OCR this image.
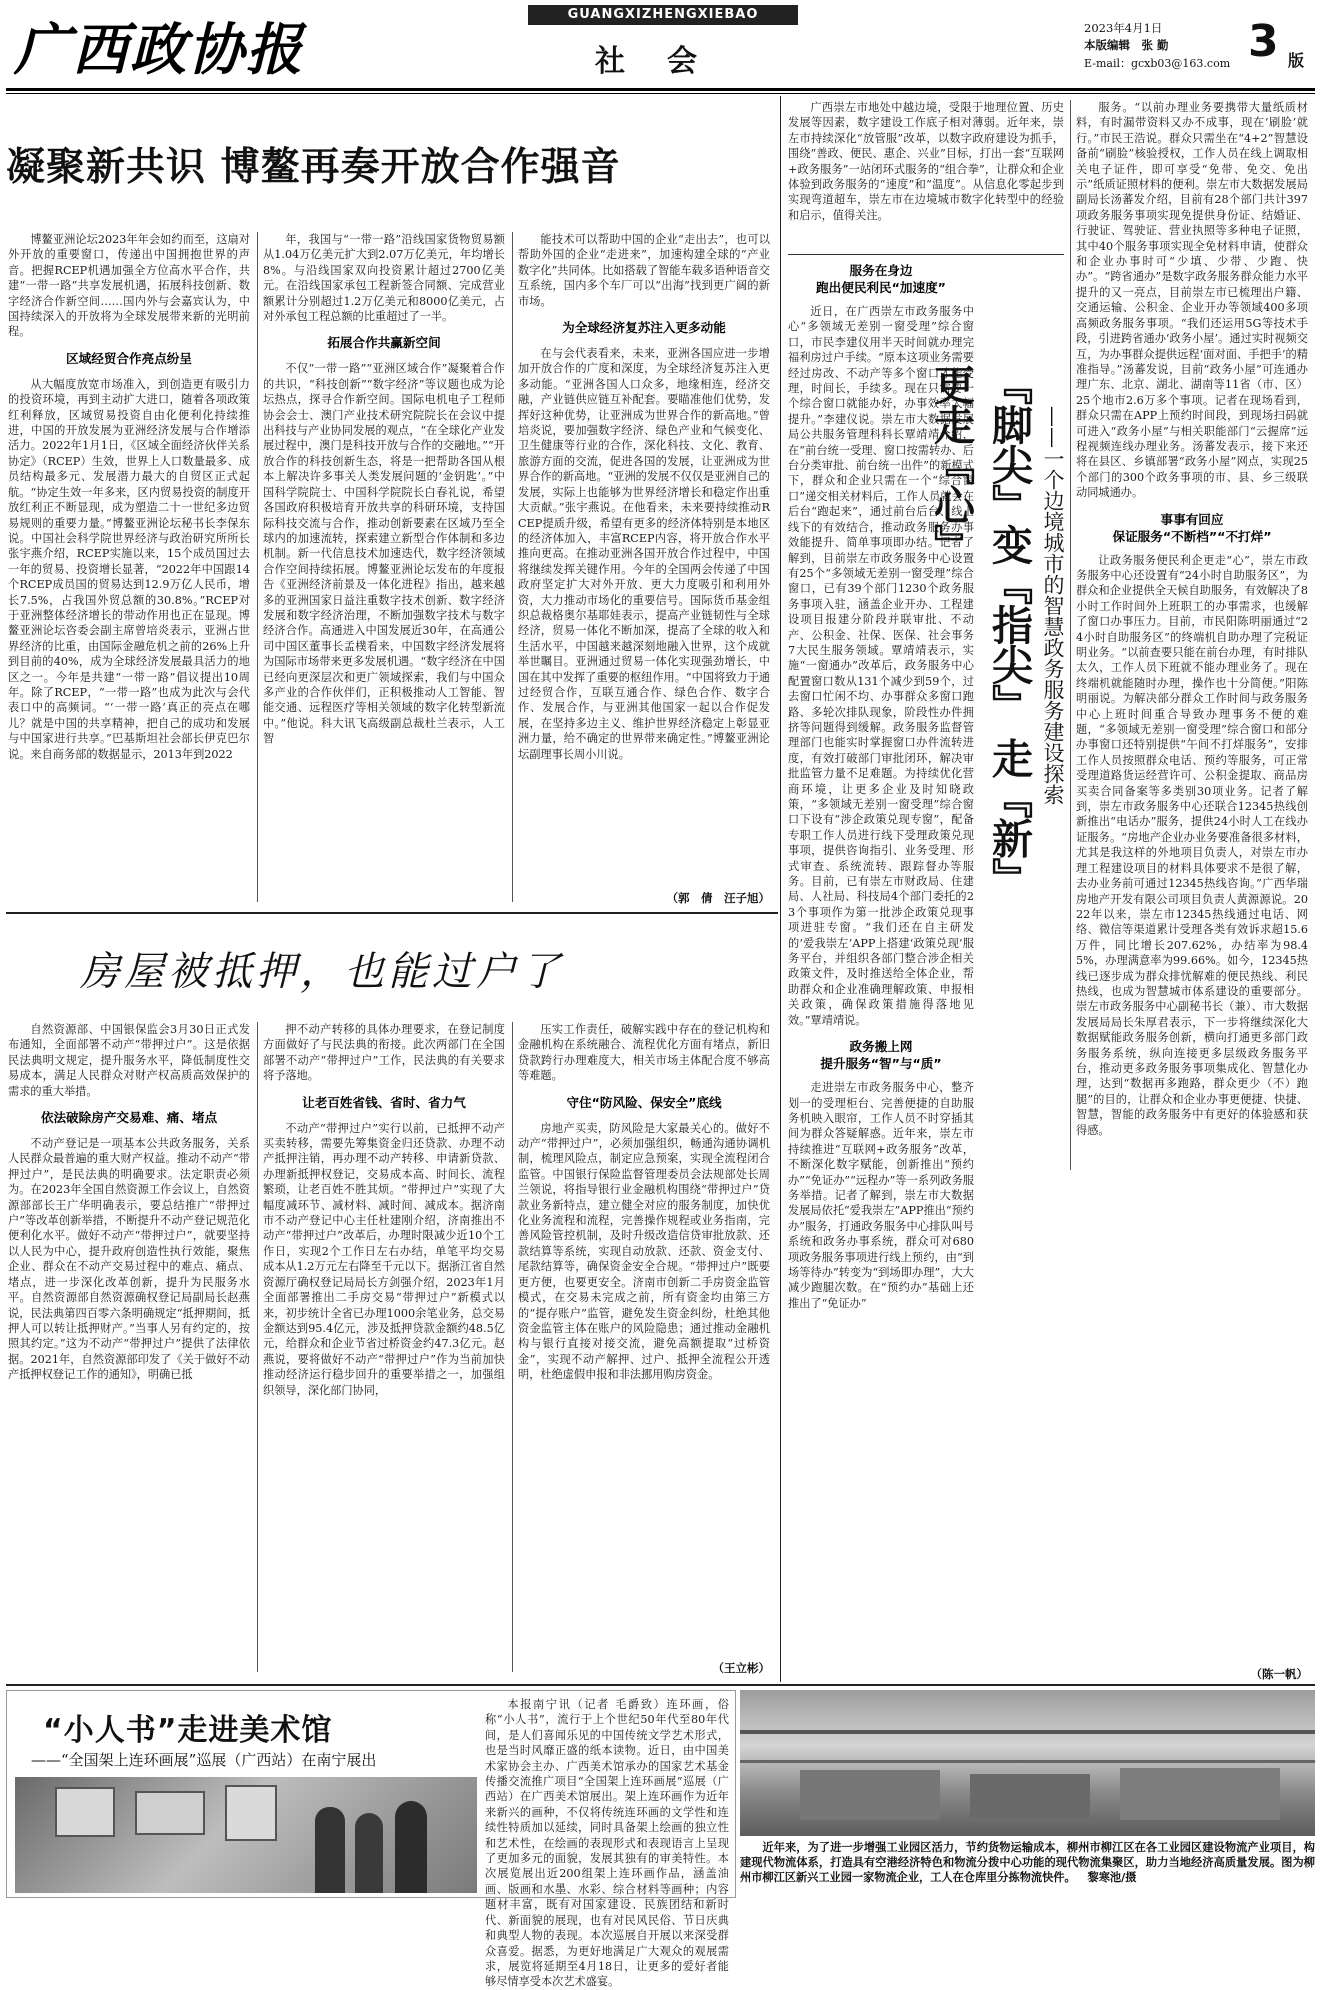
广西政协报
GUANGXIZHENGXIEBAO
社　会
2023年4月1日
本版编辑　张 勤
E-mail：gcxb03@163.com 3 版
凝聚新共识 博鳌再奏开放合作强音

博鳌亚洲论坛2023年年会如约而至，这扇对外开放的重要窗口，传递出中国拥抱世界的声音。把握RCEP机遇加强全方位高水平合作，共建“一带一路”共享发展机遇，拓展科技创新、数字经济合作新空间……国内外与会嘉宾认为，中国持续深入的开放将为全球发展带来新的光明前程。

区域经贸合作亮点纷呈

从大幅度放宽市场准入，到创造更有吸引力的投资环境，再到主动扩大进口，随着各项政策红利释放，区域贸易投资自由化便利化持续推进，中国的开放发展为亚洲经济发展与合作增添活力。2022年1月1日，《区域全面经济伙伴关系协定》（RCEP）生效，世界上人口数量最多、成员结构最多元、发展潜力最大的自贸区正式起航。“协定生效一年多来，区内贸易投资的制度开放红利正不断显现，成为塑造二十一世纪多边贸易规则的重要力量。”博鳌亚洲论坛秘书长李保东说。中国社会科学院世界经济与政治研究所所长张宇燕介绍，RCEP实施以来，15个成员国过去一年的贸易、投资增长显著，“2022年中国跟14个RCEP成员国的贸易达到12.9万亿人民币，增长7.5%，占我国外贸总额的30.8%。”RCEP对于亚洲整体经济增长的带动作用也正在显现。博鳌亚洲论坛咨委会副主席曾培炎表示，亚洲占世界经济的比重，由国际金融危机之前的26%上升到目前的40%，成为全球经济发展最具活力的地区之一。今年是共建“一带一路”倡议提出10周年。除了RCEP，“一带一路”也成为此次与会代表口中的高频词。“‘一带一路’真正的亮点在哪儿？就是中国的共享精神，把自己的成功和发展与中国家进行共享。”巴基斯坦社会部长伊克巴尔说。来自商务部的数据显示，2013年到2022

年，我国与“一带一路”沿线国家货物贸易额从1.04万亿美元扩大到2.07万亿美元，年均增长8%。与沿线国家双向投资累计超过2700亿美元。在沿线国家承包工程新签合同额、完成营业额累计分别超过1.2万亿美元和8000亿美元，占对外承包工程总额的比重超过了一半。

拓展合作共赢新空间

不仅“一带一路”“亚洲区域合作”凝聚着合作的共识，“科技创新”“数字经济”等议题也成为论坛热点，探寻合作新空间。国际电机电子工程师协会会士、澳门产业技术研究院院长在会议中提出科技与产业协同发展的观点，“在全球化产业发展过程中，澳门是科技开放与合作的交融地。”“开放合作的科技创新生态，将是一把帮助各国从根本上解决许多事关人类发展问题的‘金钥匙’。”中国科学院院士、中国科学院院长白春礼说，希望各国政府积极培育开放共享的科研环境，支持国际科技交流与合作，推动创新要素在区域乃至全球内的加速流转，探索建立新型合作体制和多边机制。新一代信息技术加速迭代，数字经济领域合作空间持续拓展。博鳌亚洲论坛发布的年度报告《亚洲经济前景及一体化进程》指出，越来越多的亚洲国家日益注重数字技术创新、数字经济发展和数字经济治理，不断加强数字技术与数字经济合作。高通进入中国发展近30年，在高通公司中国区董事长孟樸看来，中国数字经济发展将为国际市场带来更多发展机遇。“数字经济在中国已经向更深层次和更广领域探索，我们与中国众多产业的合作伙伴们，正积极推动人工智能、智能交通、远程医疗等相关领域的数字化转型新流中。”他说。科大讯飞高级副总裁杜兰表示，人工智

能技术可以帮助中国的企业“走出去”，也可以帮助外国的企业“走进来”，加速构建全球的“产业数字化”共同体。比如搭载了智能车载多语种语音交互系统，国内多个车厂可以“出海”找到更广阔的新市场。

为全球经济复苏注入更多动能

在与会代表看来，未来，亚洲各国应进一步增加开放合作的广度和深度，为全球经济复苏注入更多动能。“亚洲各国人口众多，地缘相连，经济交融，产业链供应链互补配套。要瞄准他们优势，发挥好这种优势，让亚洲成为世界合作的新高地。”曾培炎说，要加强数字经济、绿色产业和气候变化、卫生健康等行业的合作，深化科技、文化、教育、旅游方面的交流，促进各国的发展，让亚洲成为世界合作的新高地。“亚洲的发展不仅仅是亚洲自己的发展，实际上也能够为世界经济增长和稳定作出重大贡献。”张宇燕说。在他看来，未来要持续推动RCEP提质升级，希望有更多的经济体特别是本地区的经济体加入，丰富RCEP内容，将开放合作水平推向更高。在推动亚洲各国开放合作过程中，中国将继续发挥关键作用。今年的全国两会传递了中国政府坚定扩大对外开放、更大力度吸引和利用外资，大力推动市场化的重要信号。国际货币基金组织总裁格奥尔基耶娃表示，提高产业链韧性与全球经济，贸易一体化不断加深，提高了全球的收入和生活水平，中国越来越深刻地融入世界，这个成就举世瞩目。亚洲通过贸易一体化实现强劲增长，中国在其中发挥了重要的枢纽作用。“中国将致力于通过经贸合作，互联互通合作、绿色合作、数字合作、发展合作，与亚洲其他国家一起以合作促发展，在坚持多边主义、维护世界经济稳定上彰显亚洲力量，给不确定的世界带来确定性。”博鳌亚洲论坛副理事长周小川说。

（郭　倩　汪子旭）
广西崇左市地处中越边境，受限于地理位置、历史发展等因素，数字建设工作底子相对薄弱。近年来，崇左市持续深化“放管服”改革，以数字政府建设为抓手，围绕“善政、便民、惠企、兴业”目标，打出一套“互联网+政务服务”一站闭环式服务的“组合拳”，让群众和企业体验到政务服务的“速度”和“温度”。从信息化零起步到实现弯道超车，崇左市在边境城市数字化转型中的经验和启示，值得关注。
服务在身边
跑出便民利民“加速度”

近日，在广西崇左市政务服务中心“多领域无差别一窗受理”综合窗口，市民李建仪用半天时间就办理完福利房过户手续。“原本这项业务需要经过房改、不动产等多个窗口才能受理，时间长，手续多。现在只需要一个综合窗口就能办好，办事效率大幅提升。”李建仪说。崇左市大数据发展局公共服务管理科科长覃靖靖介绍，在“前台统一受理、窗口按需转办、后台分类审批、前台统一出件”的新模式下，群众和企业只需在一个“综合窗口”递交相关材料后，工作人员就会在后台“跑起来”，通过前台后台、线上线下的有效结合，推动政务服务办事效能提升、简单事项即办结。记者了解到，目前崇左市政务服务中心设置有25个“多领域无差别一窗受理”综合窗口，已有39个部门1230个政务服务事项入驻，涵盖企业开办、工程建设项目报建分阶段并联审批、不动产、公积金、社保、医保、社会事务7大民生服务领域。覃靖靖表示，实施“一窗通办”改革后，政务服务中心配置窗口数从131个减少到59个，过去窗口忙闲不均、办事群众多窗口跑路、多轮次排队现象，阶段性办件拥挤等问题得到缓解。政务服务监督管理部门也能实时掌握窗口办件流转进度，有效打破部门审批闭环，解决审批监管力量不足难题。为持续优化营商环境，让更多企业及时知晓政策，“多领域无差别一窗受理”综合窗口下设有“涉企政策兑现专窗”，配备专职工作人员进行线下受理政策兑现事项，提供咨询指引、业务受理、形式审查、系统流转、跟踪督办等服务。目前，已有崇左市财政局、住建局、人社局、科技局4个部门委托的23个事项作为第一批涉企政策兑现事项进驻专窗。“我们还在自主研发的‘爱我崇左’APP上搭建‘政策兑现’服务平台，并组织各部门整合涉企相关政策文件，及时推送给全体企业，帮助群众和企业准确理解政策、申报相关政策，确保政策措施得落地见效。”覃靖靖说。

政务搬上网
提升服务“智”与“质”

走进崇左市政务服务中心，整齐划一的受理柜台、完善便捷的自助服务机映入眼帘，工作人员不时穿插其间为群众答疑解惑。近年来，崇左市持续推进“互联网+政务服务”改革，不断深化数字赋能，创新推出“预约办”“免证办”“远程办”等一系列政务服务举措。记者了解到，崇左市大数据发展局依托“爱我崇左”APP推出“预约办”服务，打通政务服务中心排队叫号系统和政务办事系统，群众可对680项政务服务事项进行线上预约，由“到场等待办”转变为“到场即办理”，大大减少跑腿次数。在“预约办”基础上还推出了“免证办”

『脚尖』变『指尖』 走『新』更走『心』	——一个边境城市的智慧政务服务建设探索

服务。“以前办理业务要携带大量纸质材料，有时漏带资料又办不成事，现在‘刷脸’就行。”市民王浩说。群众只需坐在“4+2”智慧设备前“刷脸”核验授权，工作人员在线上调取相关电子证件，即可享受“免带、免交、免出示”纸质证照材料的便利。崇左市大数据发展局副局长汤蕃发介绍，目前有28个部门共计397项政务服务事项实现免提供身份证、结婚证、行驶证、驾驶证、营业执照等多种电子证照，其中40个服务事项实现全免材料申请，使群众和企业办事时可“少填、少带、少跑、快办”。“跨省通办”是数字政务服务群众能力水平提升的又一亮点，目前崇左市已梳理出户籍、交通运输、公积金、企业开办等领域400多项高频政务服务事项。“我们还运用5G等技术手段，引进跨省通办‘政务小屋’。通过实时视频交互，为办事群众提供远程‘面对面、手把手’的精准指导。”汤蕃发说，目前“政务小屋”可连通办理广东、北京、湖北、湖南等11省（市、区）25个地市2.6万多个事项。记者在现场看到，群众只需在APP上预约时间段，到现场扫码就可进入“政务小屋”与相关职能部门“云握席”远程视频连线办理业务。汤蕃发表示，接下来还将在县区、乡镇部署“政务小屋”网点，实现25个部门的300个政务事项的市、县、乡三级联动同城通办。

事事有回应
保证服务“不断档”“不打烊”

让政务服务便民利企更走“心”，崇左市政务服务中心还设置有“24小时自助服务区”，为群众和企业提供全天候自助服务，有效解决了8小时工作时间外上班职工的办事需求，也缓解了窗口办事压力。目前，市民阳陈明丽通过“24小时自助服务区”的终端机自助办理了完税证明业务。“以前查要只能在前台办理，有时排队太久，工作人员下班就不能办理业务了。现在终端机就能随时办理，操作也十分简便。”阳陈明丽说。为解决部分群众工作时间与政务服务中心上班时间重合导致办理事务不便的难题，“多领域无差别一窗受理”综合窗口和部分办事窗口还特别提供“午间不打烊服务”，安排工作人员按照群众电话、预约等服务，可正常受理道路货运经营许可、公积金提取、商品房买卖合同备案等多类别30项业务。记者了解到，崇左市政务服务中心还联合12345热线创新推出“电话办”服务，提供24小时人工在线办证服务。“房地产企业办业务要准备很多材料，尤其是我这样的外地项目负责人，对崇左市办理工程建设项目的材料具体要求不是很了解，去办业务前可通过12345热线咨询。”广西华瑞房地产开发有限公司项目负责人黄源源说。2022年以来，崇左市12345热线通过电话、网络、微信等渠道累计受理各类有效诉求超15.6万件，同比增长207.62%，办结率为98.45%，办理满意率为99.66%。如今，12345热线已逐步成为群众排忧解难的便民热线、利民热线，也成为智慧城市体系建设的重要部分。崇左市政务服务中心副秘书长（兼）、市大数据发展局局长朱厚君表示，下一步将继续深化大数据赋能政务服务创新，横向打通更多部门政务服务系统，纵向连接更多层级政务服务平台，推动更多政务服务事项集成化、智慧化办理，达到“数据再多跑路，群众更少（不）跑腿”的目的，让群众和企业办事更便捷、快捷、智慧，智能的政务服务中有更好的体验感和获得感。

（陈一帆）
房屋被抵押，也能过户了

自然资源部、中国银保监会3月30日正式发布通知，全面部署不动产“带押过户”。这是依据民法典明文规定，提升服务水平，降低制度性交易成本，满足人民群众对财产权高质高效保护的需求的重大举措。

依法破除房产交易难、痛、堵点

不动产登记是一项基本公共政务服务，关系人民群众最普遍的重大财产权益。推动不动产“带押过户”，是民法典的明确要求。法定职责必须为。在2023年全国自然资源工作会议上，自然资源部部长王广华明确表示，要总结推广“带押过户”等改革创新举措，不断提升不动产登记规范化便利化水平。做好不动产“带押过户”，就要坚持以人民为中心，提升政府创造性执行效能，聚焦企业、群众在不动产交易过程中的难点、痛点、堵点，进一步深化改革创新，提升为民服务水平。自然资源部自然资源确权登记局副局长赵燕说，民法典第四百零六条明确规定“抵押期间，抵押人可以转让抵押财产。”当事人另有约定的，按照其约定。”这为不动产“带押过户”提供了法律依据。2021年，自然资源部印发了《关于做好不动产抵押权登记工作的通知》，明确已抵

押不动产转移的具体办理要求，在登记制度方面做好了与民法典的衔接。此次两部门在全国部署不动产“带押过户”工作，民法典的有关要求将予落地。

让老百姓省钱、省时、省力气

不动产“带押过户”实行以前，已抵押不动产买卖转移，需要先筹集资金归还贷款、办理不动产抵押注销，再办理不动产转移、申请新贷款、办理新抵押权登记，交易成本高、时间长、流程繁琐，让老百姓不胜其烦。“带押过户”实现了大幅度减环节、减材料、减时间、减成本。据济南市不动产登记中心主任杜建刚介绍，济南推出不动产“带押过户”改革后，办理时限减少近10个工作日，实现2个工作日左右办结，单笔平均交易成本从1.2万元左右降至千元以下。据浙江省自然资源厅确权登记局局长方剑强介绍，2023年1月全面部署推出二手房交易“带押过户”新模式以来，初步统计全省已办理1000余笔业务，总交易金额达到95.4亿元，涉及抵押贷款金额约48.5亿元，给群众和企业节省过桥资金约47.3亿元。赵燕说，要将做好不动产“带押过户”作为当前加快推动经济运行稳步回升的重要举措之一，加强组织领导，深化部门协同，

压实工作责任，破解实践中存在的登记机构和金融机构在系统融合、流程优化方面有堵点，新旧贷款跨行办理难度大，相关市场主体配合度不够高等难题。

守住“防风险、保安全”底线

房地产买卖，防风险是大家最关心的。做好不动产“带押过户”，必须加强组织，畅通沟通协调机制，梳理风险点，制定应急预案，实现全流程闭合监管。中国银行保险监督管理委员会法规部处长周兰领说，将指导银行业金融机构围绕“带押过户”贷款业务新特点，建立健全对应的服务制度，加快优化业务流程和流程，完善操作规程或业务指南，完善风险管控机制，及时升级改造信贷审批放款、还款结算等系统，实现自动放款、还款、资金支付、尾款结算等，确保资金安全合规。“带押过户”既要更方便，也要更安全。济南市创新二手房资金监管模式，在交易未完成之前，所有资金均由第三方的“提存账户”监管，避免发生资金纠纷，杜绝其他资金监管主体在账户的风险隐患；通过推动金融机构与银行直接对接交流，避免高额提取“过桥资金”，实现不动产解押、过户、抵押全流程公开透明，杜绝虚假申报和非法挪用购房资金。

（王立彬）
“小人书”走进美术馆
——“全国架上连环画展”巡展（广西站）在南宁展出
本报南宁讯（记者 毛爵致）连环画，俗称“小人书”，流行于上个世纪50年代至80年代间，是人们喜闻乐见的中国传统文学艺术形式，也是当时风靡正盛的纸本读物。近日，由中国美术家协会主办、广西美术馆承办的国家艺术基金传播交流推广项目“全国架上连环画展”巡展（广西站）在广西美术馆展出。架上连环画作为近年来新兴的画种，不仅将传统连环画的文学性和连续性特质加以延续，同时具备架上绘画的独立性和艺术性，在绘画的表现形式和表现语言上呈现了更加多元的面貌，发展其独有的审美特性。本次展览展出近200组架上连环画作品，涵盖油画、版画和水墨、水彩、综合材料等画种；内容题材丰富，既有对国家建设、民族团结和新时代、新面貌的展现，也有对民风民俗、节日庆典和典型人物的表现。本次巡展自开展以来深受群众喜爱。据悉，为更好地满足广大观众的观展需求，展览将延期至4月18日，让更多的爱好者能够尽情享受本次艺术盛宴。
近年来，为了进一步增强工业园区活力，节约货物运输成本，柳州市柳江区在各工业园区建设物流产业项目，构建现代物流体系，打造具有空港经济特色和物流分拨中心功能的现代物流集聚区，助力当地经济高质量发展。图为柳州市柳江区新兴工业园一家物流企业，工人在仓库里分拣物流快件。 黎寒池/摄
